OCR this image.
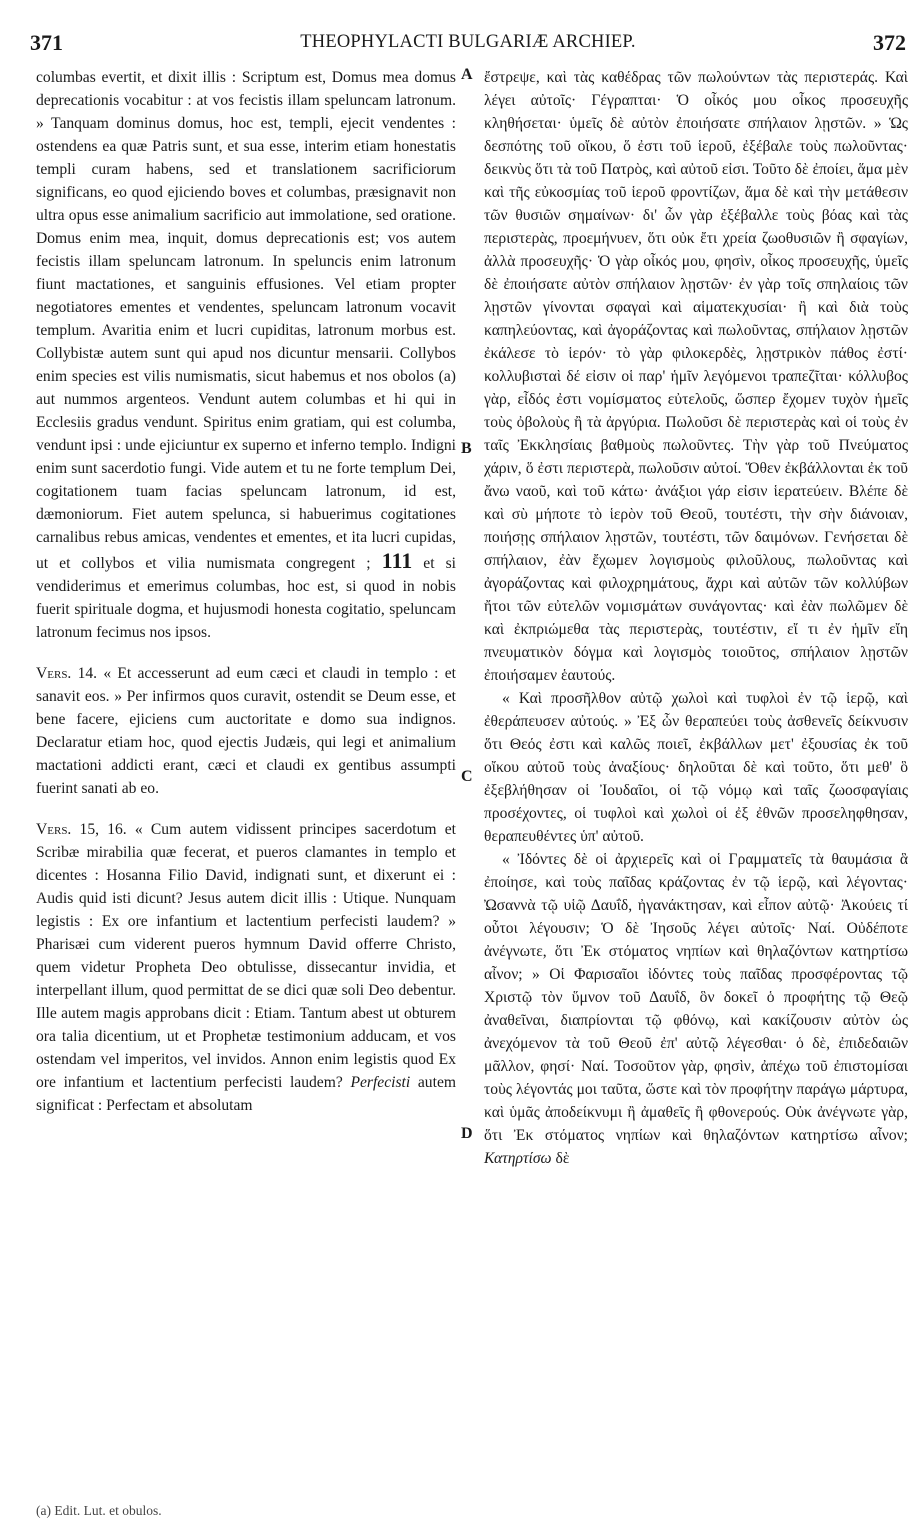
371	THEOPHYLACTI BULGARIÆ ARCHIEP.	372

columbas evertit, et dixit illis : Scriptum est, Domus mea domus deprecationis vocabitur : at vos fecistis illam speluncam latronum. » Tanquam dominus domus, hoc est, templi, ejecit vendentes : ostendens ea quæ Patris sunt, et sua esse, interim etiam honestatis templi curam habens, sed et translationem sacrificiorum significans, eo quod ejiciendo boves et columbas, præsignavit non ultra opus esse animalium sacrificio aut immolatione, sed oratione. Domus enim mea, inquit, domus deprecationis est; vos autem fecistis illam speluncam latronum. In speluncis enim latronum fiunt mactationes, et sanguinis effusiones. Vel etiam propter negotiatores ementes et vendentes, speluncam latronum vocavit templum. Avaritia enim et lucri cupiditas, latronum morbus est. Collybistæ autem sunt qui apud nos dicuntur mensarii. Collybos enim species est vilis numismatis, sicut habemus et nos obolos (a) aut nummos argenteos. Vendunt autem columbas et hi qui in Ecclesiis gradus vendunt. Spiritus enim gratiam, qui est columba, vendunt ipsi : unde ejiciuntur ex superno et inferno templo. Indigni enim sunt sacerdotio fungi. Vide autem et tu ne forte templum Dei, cogitationem tuam facias speluncam latronum, id est, dæmoniorum. Fiet autem spelunca, si habuerimus cogitationes carnalibus rebus amicas, vendentes et ementes, et ita lucri cupidas, ut et collybos et vilia numismata congregent ; 111 et si vendiderimus et emerimus columbas, hoc est, si quod in nobis fuerit spirituale dogma, et hujusmodi honesta cogitatio, speluncam latronum fecimus nos ipsos.

Vers. 14. « Et accesserunt ad eum cæci et claudi in templo : et sanavit eos. » Per infirmos quos curavit, ostendit se Deum esse, et bene facere, ejiciens cum auctoritate e domo sua indignos. Declaratur etiam hoc, quod ejectis Judæis, qui legi et animalium mactationi addicti erant, cæci et claudi ex gentibus assumpti fuerint sanati ab eo.

Vers. 15, 16. « Cum autem vidissent principes sacerdotum et Scribæ mirabilia quæ fecerat, et pueros clamantes in templo et dicentes : Hosanna Filio David, indignati sunt, et dixerunt ei : Audis quid isti dicunt? Jesus autem dicit illis : Utique. Nunquam legistis : Ex ore infantium et lactentium perfecisti laudem? » Pharisæi cum viderent pueros hymnum David offerre Christo, quem videtur Propheta Deo obtulisse, dissecantur invidia, et interpellant illum, quod permittat de se dici quæ soli Deo debentur. Ille autem magis approbans dicit : Etiam. Tantum abest ut obturem ora talia dicentium, ut et Prophetæ testimonium adducam, et vos ostendam vel imperitos, vel invidos. Annon enim legistis quod Ex ore infantium et lactentium perfecisti laudem? Perfecisti autem significat : Perfectam et absolutam

A
B
C
D

ἔστρεψε, καὶ τὰς καθέδρας τῶν πωλούντων τὰς περιστεράς. Καὶ λέγει αὐτοῖς· Γέγραπται· Ὁ οἶκός μου οἶκος προσευχῆς κληθήσεται· ὑμεῖς δὲ αὐτὸν ἐποιήσατε σπήλαιον λῃστῶν. » Ὡς δεσπότης τοῦ οἴκου, ὅ ἐστι τοῦ ἱεροῦ, ἐξέβαλε τοὺς πωλοῦντας· δεικνὺς ὅτι τὰ τοῦ Πατρὸς, καὶ αὐτοῦ εἰσι. Τοῦτο δὲ ἐποίει, ἅμα μὲν καὶ τῆς εὐκοσμίας τοῦ ἱεροῦ φροντίζων, ἅμα δὲ καὶ τὴν μετάθεσιν τῶν θυσιῶν σημαίνων· δι' ὧν γὰρ ἐξέβαλλε τοὺς βόας καὶ τὰς περιστερὰς, προεμήνυεν, ὅτι οὐκ ἔτι χρεία ζωοθυσιῶν ἢ σφαγίων, ἀλλὰ προσευχῆς· Ὁ γὰρ οἶκός μου, φησὶν, οἶκος προσευχῆς, ὑμεῖς δὲ ἐποιήσατε αὐτὸν σπήλαιον λῃστῶν· ἐν γὰρ τοῖς σπηλαίοις τῶν λῃστῶν γίνονται σφαγαὶ καὶ αἱματεκχυσίαι· ἢ καὶ διὰ τοὺς καπηλεύοντας, καὶ ἀγοράζοντας καὶ πωλοῦντας, σπήλαιον λῃστῶν ἐκάλεσε τὸ ἱερόν· τὸ γὰρ φιλοκερδὲς, λῃστρικὸν πάθος ἐστί· κολλυβισταὶ δέ εἰσιν οἱ παρ' ἡμῖν λεγόμενοι τραπεζῖται· κόλλυβος γὰρ, εἶδός ἐστι νομίσματος εὐτελοῦς, ὥσπερ ἔχομεν τυχὸν ἡμεῖς τοὺς ὀβολοὺς ἢ τὰ ἀργύρια. Πωλοῦσι δὲ περιστερὰς καὶ οἱ τοὺς ἐν ταῖς Ἐκκλησίαις βαθμοὺς πωλοῦντες. Τὴν γὰρ τοῦ Πνεύματος χάριν, ὅ ἐστι περιστερὰ, πωλοῦσιν αὐτοί. Ὅθεν ἐκβάλλονται ἐκ τοῦ ἄνω ναοῦ, καὶ τοῦ κάτω· ἀνάξιοι γάρ εἰσιν ἱερατεύειν. Βλέπε δὲ καὶ σὺ μήποτε τὸ ἱερὸν τοῦ Θεοῦ, τουτέστι, τὴν σὴν διάνοιαν, ποιήσῃς σπήλαιον λῃστῶν, τουτέστι, τῶν δαιμόνων. Γενήσεται δὲ σπήλαιον, ἐὰν ἔχωμεν λογισμοὺς φιλοῦλους, πωλοῦντας καὶ ἀγοράζοντας καὶ φιλοχρημάτους, ἄχρι καὶ αὐτῶν τῶν κολλύβων ἤτοι τῶν εὐτελῶν νομισμάτων συνάγοντας· καὶ ἐὰν πωλῶμεν δὲ καὶ ἐκπριώμεθα τὰς περιστερὰς, τουτέστιν, εἴ τι ἐν ἡμῖν εἴη πνευματικὸν δόγμα καὶ λογισμὸς τοιοῦτος, σπήλαιον λῃστῶν ἐποιήσαμεν ἑαυτούς.

« Καὶ προσῆλθον αὐτῷ χωλοὶ καὶ τυφλοὶ ἐν τῷ ἱερῷ, καὶ ἐθεράπευσεν αὐτούς. » Ἐξ ὧν θεραπεύει τοὺς ἀσθενεῖς δείκνυσιν ὅτι Θεός ἐστι καὶ καλῶς ποιεῖ, ἐκβάλλων μετ' ἐξουσίας ἐκ τοῦ οἴκου αὐτοῦ τοὺς ἀναξίους· δηλοῦται δὲ καὶ τοῦτο, ὅτι μεθ' ὃ ἐξεβλήθησαν οἱ Ἰουδαῖοι, οἱ τῷ νόμῳ καὶ ταῖς ζωοσφαγίαις προσέχοντες, οἱ τυφλοὶ καὶ χωλοὶ οἱ ἐξ ἐθνῶν προσεληφθησαν, θεραπευθέντες ὑπ' αὐτοῦ.

« Ἰδόντες δὲ οἱ ἀρχιερεῖς καὶ οἱ Γραμματεῖς τὰ θαυμάσια ἃ ἐποίησε, καὶ τοὺς παῖδας κράζοντας ἐν τῷ ἱερῷ, καὶ λέγοντας· Ὠσαννὰ τῷ υἱῷ Δαυΐδ, ἠγανάκτησαν, καὶ εἶπον αὐτῷ· Ἀκούεις τί οὗτοι λέγουσιν; Ὁ δὲ Ἰησοῦς λέγει αὐτοῖς· Ναί. Οὐδέποτε ἀνέγνωτε, ὅτι Ἐκ στόματος νηπίων καὶ θηλαζόντων κατηρτίσω αἶνον; » Οἱ Φαρισαῖοι ἰδόντες τοὺς παῖδας προσφέροντας τῷ Χριστῷ τὸν ὕμνον τοῦ Δαυΐδ, ὃν δοκεῖ ὁ προφήτης τῷ Θεῷ ἀναθεῖναι, διαπρίονται τῷ φθόνῳ, καὶ κακίζουσιν αὐτὸν ὡς ἀνεχόμενον τὰ τοῦ Θεοῦ ἐπ' αὐτῷ λέγεσθαι· ὁ δὲ, ἐπιδεδαιῶν μᾶλλον, φησί· Ναί. Τοσοῦτον γὰρ, φησὶν, ἀπέχω τοῦ ἐπιστομίσαι τοὺς λέγοντάς μοι ταῦτα, ὥστε καὶ τὸν προφήτην παράγω μάρτυρα, καὶ ὑμᾶς ἀποδείκνυμι ἢ ἀμαθεῖς ἢ φθονερούς. Οὐκ ἀνέγνωτε γὰρ, ὅτι Ἐκ στόματος νηπίων καὶ θηλαζόντων κατηρτίσω αἶνον; Κατηρτίσω δὲ

(a) Edit. Lut. et obulos.
